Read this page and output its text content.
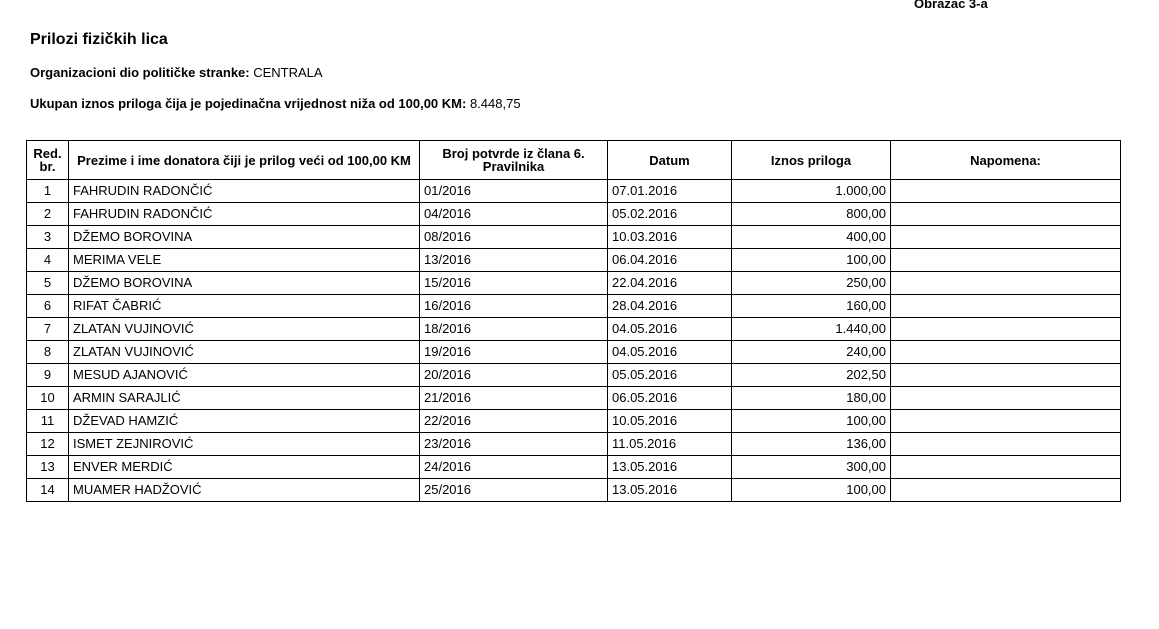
Obrazac 3-a
Prilozi fizičkih lica
Organizacioni dio političke stranke: CENTRALA
Ukupan iznos priloga čija je pojedinačna vrijednost niža od 100,00 KM: 8.448,75
Red. br.	Prezime i ime donatora čiji je prilog veći od 100,00 KM	Broj potvrde iz člana 6. Pravilnika	Datum	Iznos priloga	Napomena:
1	FAHRUDIN RADONČIĆ	01/2016	07.01.2016	1.000,00	
2	FAHRUDIN RADONČIĆ	04/2016	05.02.2016	800,00	
3	DŽEMO BOROVINA	08/2016	10.03.2016	400,00	
4	MERIMA VELE	13/2016	06.04.2016	100,00	
5	DŽEMO BOROVINA	15/2016	22.04.2016	250,00	
6	RIFAT ČABRIĆ	16/2016	28.04.2016	160,00	
7	ZLATAN VUJINOVIĆ	18/2016	04.05.2016	1.440,00	
8	ZLATAN VUJINOVIĆ	19/2016	04.05.2016	240,00	
9	MESUD AJANOVIĆ	20/2016	05.05.2016	202,50	
10	ARMIN SARAJLIĆ	21/2016	06.05.2016	180,00	
11	DŽEVAD HAMZIĆ	22/2016	10.05.2016	100,00	
12	ISMET ZEJNIROVIĆ	23/2016	11.05.2016	136,00	
13	ENVER MERDIĆ	24/2016	13.05.2016	300,00	
14	MUAMER HADŽOVIĆ	25/2016	13.05.2016	100,00	
